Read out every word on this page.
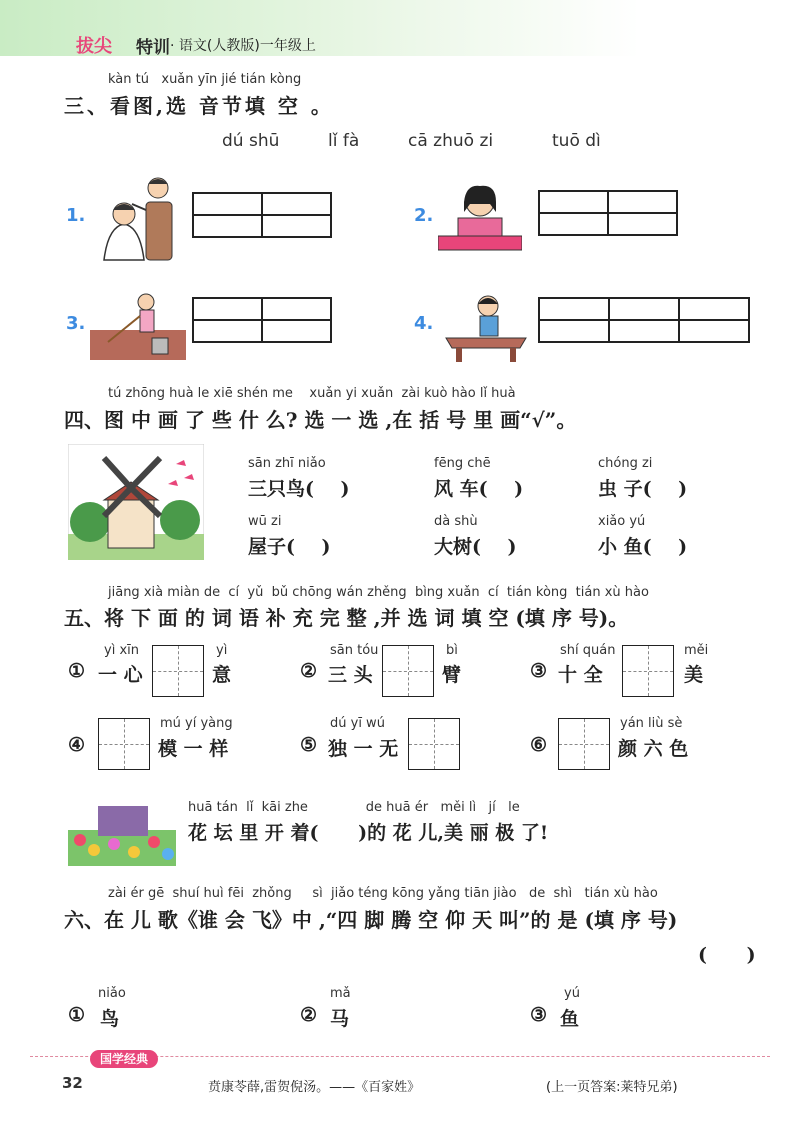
拔尖 特训 · 语文(人教版)一年级上
kàn tú   xuǎn yīn jié tián kòng
三、看图,选 音节填 空 。
dú shū	lǐ fà	cā zhuō zi	tuō dì
1.	2.
3.	4.
tú zhōng huà le xiē shén me    xuǎn yi xuǎn  zài kuò hào lǐ huà
四、图 中 画 了 些 什 么? 选 一 选 ,在 括 号 里 画“√”。
sān zhī niǎo
三只鸟(    )
fēng chē
风 车(    )
chóng zi
虫 子(    )
wū zi
屋子(    )
dà shù
大树(    )
xiǎo yú
小 鱼(    )
jiāng xià miàn de  cí  yǔ  bǔ chōng wán zhěng  bìng xuǎn  cí  tián kòng  tián xù hào
五、将 下 面 的 词 语 补 充 完 整 ,并 选 词 填 空 (填 序 号)。
①
yì xīn
一 心
yì
意	②
sān tóu
三 头
bì
臂	③
shí quán
十 全
měi
美
④
mú yí yàng
模 一 样	⑤
dú yī wú
独 一 无	⑥
yán liù sè
颜 六 色
huā tán  lǐ  kāi zhe              de huā ér   měi lì   jí   le
花 坛 里 开 着(      )的 花 儿,美 丽 极 了!
zài ér gē  shuí huì fēi  zhǒng     sì  jiǎo téng kōng yǎng tiān jiào   de  shì   tián xù hào
六、在 儿 歌《谁 会 飞》中 ,“四 脚 腾 空 仰 天 叫”的 是 (填 序 号)
(      )
①
niǎo
鸟	②
mǎ
马	③
yú
鱼
国学经典
32	贲康苓薛,雷贺倪汤。——《百家姓》	(上一页答案:莱特兄弟)
